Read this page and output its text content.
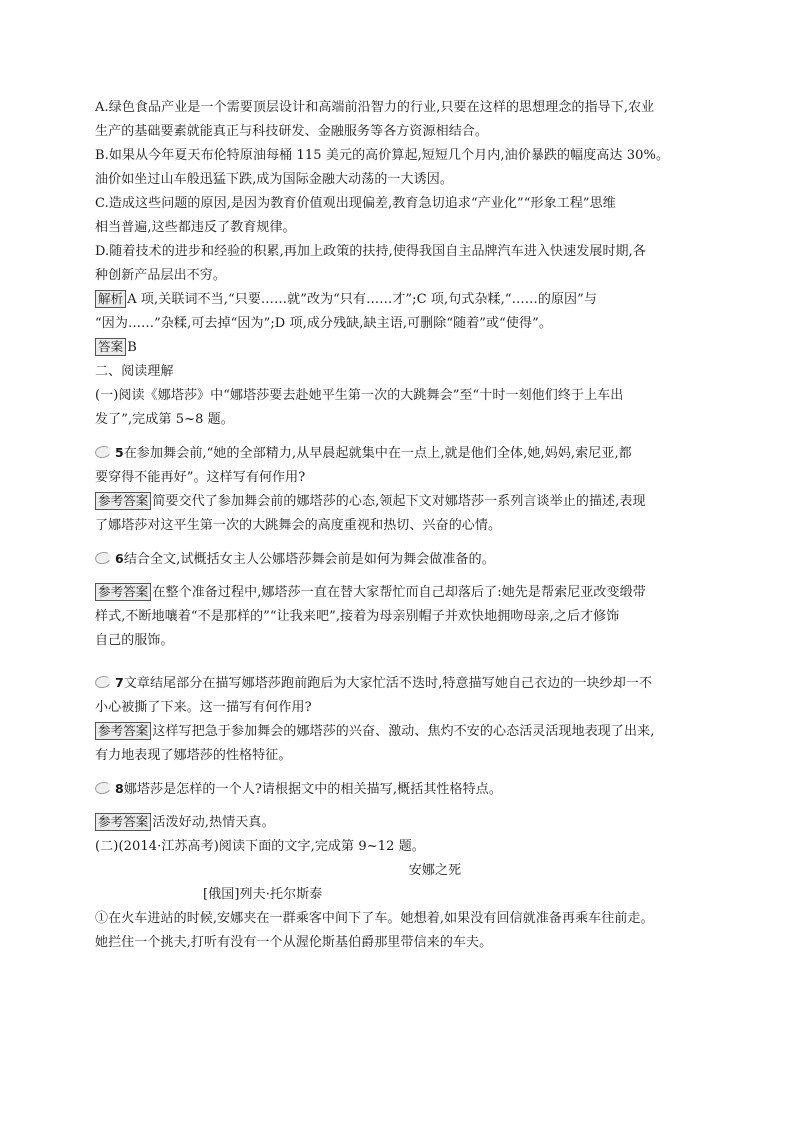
A.绿色食品产业是一个需要顶层设计和高端前沿智力的行业,只要在这样的思想理念的指导下,农业
生产的基础要素就能真正与科技研发、金融服务等各方资源相结合。
B.如果从今年夏天布伦特原油每桶 115 美元的高价算起,短短几个月内,油价暴跌的幅度高达 30%。
油价如坐过山车般迅猛下跌,成为国际金融大动荡的一大诱因。
C.造成这些问题的原因,是因为教育价值观出现偏差,教育急切追求“产业化”“形象工程”思维
相当普遍,这些都违反了教育规律。
D.随着技术的进步和经验的积累,再加上政策的扶持,使得我国自主品牌汽车进入快速发展时期,各
种创新产品层出不穷。
解析 A 项,关联词不当,“只要……就”改为“只有……才”;C 项,句式杂糅,“……的原因”与
“因为……”杂糅,可去掉“因为”;D 项,成分残缺,缺主语,可删除“随着”或“使得”。
答案 B
二、阅读理解
(一)阅读《娜塔莎》中“娜塔莎要去赴她平生第一次的大跳舞会”至“十时一刻他们终于上车出
发了”,完成第 5~8 题。
5在参加舞会前,“她的全部精力,从早晨起就集中在一点上,就是他们全体,她,妈妈,索尼亚,都
要穿得不能再好”。这样写有何作用?
参考答案 简要交代了参加舞会前的娜塔莎的心态,领起下文对娜塔莎一系列言谈举止的描述,表现
了娜塔莎对这平生第一次的大跳舞会的高度重视和热切、兴奋的心情。
6结合全文,试概括女主人公娜塔莎舞会前是如何为舞会做准备的。
参考答案 在整个准备过程中,娜塔莎一直在替大家帮忙而自己却落后了:她先是帮索尼亚改变缎带
样式,不断地嚷着“不是那样的”“让我来吧”,接着为母亲别帽子并欢快地拥吻母亲,之后才修饰
自己的服饰。
7文章结尾部分在描写娜塔莎跑前跑后为大家忙活不迭时,特意描写她自己衣边的一块纱却一不
小心被撕了下来。这一描写有何作用?
参考答案 这样写把急于参加舞会的娜塔莎的兴奋、激动、焦灼不安的心态活灵活现地表现了出来,
有力地表现了娜塔莎的性格特征。
8娜塔莎是怎样的一个人?请根据文中的相关描写,概括其性格特点。
参考答案 活泼好动,热情天真。
(二)(2014·江苏高考)阅读下面的文字,完成第 9~12 题。
安娜之死
[俄国]列夫·托尔斯泰
①在火车进站的时候,安娜夹在一群乘客中间下了车。她想着,如果没有回信就准备再乘车往前走。
她拦住一个挑夫,打听有没有一个从渥伦斯基伯爵那里带信来的车夫。
